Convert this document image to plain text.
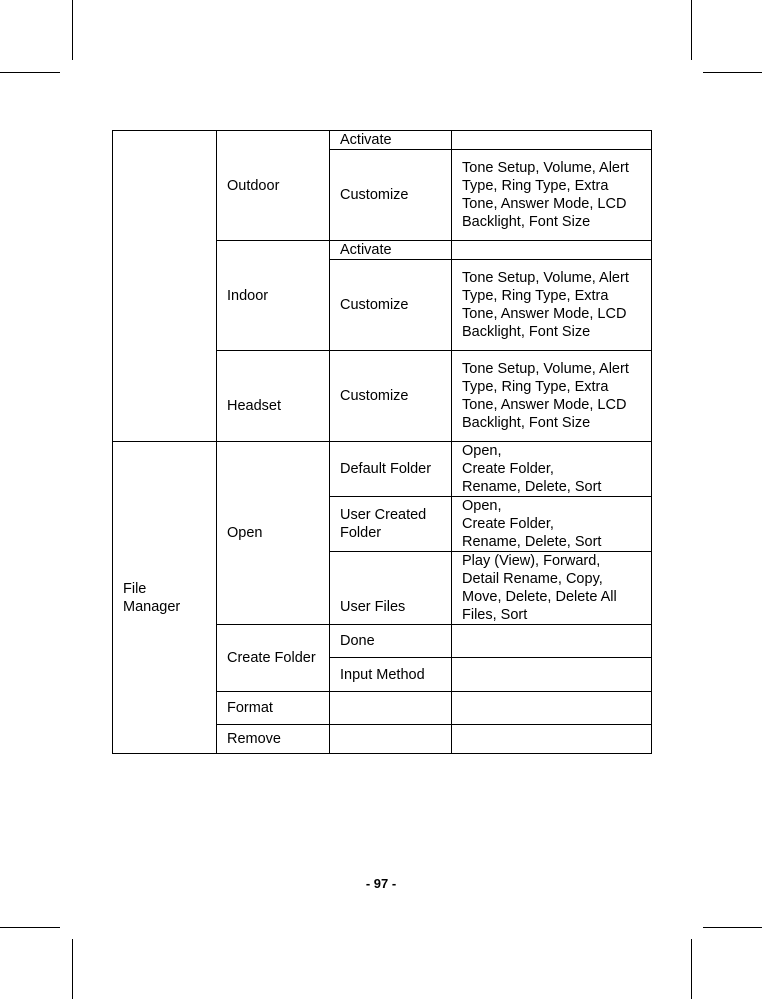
	Outdoor	Activate	
		Customize	Tone Setup, Volume, Alert Type, Ring Type, Extra Tone, Answer Mode, LCD Backlight, Font Size
	Indoor	Activate	
		Customize	Tone Setup, Volume, Alert Type, Ring Type, Extra Tone, Answer Mode, LCD Backlight, Font Size
	Headset	Customize	Tone Setup, Volume, Alert Type, Ring Type, Extra Tone, Answer Mode, LCD Backlight, Font Size
File Manager	Open	Default Folder	Open,
Create Folder,
Rename, Delete, Sort

		User Created Folder	Open,
Create Folder,
Rename, Delete, Sort

		User Files	Play (View), Forward, Detail Rename, Copy, Move, Delete, Delete All Files, Sort
	Create Folder	Done	
		Input Method	
	Format		
	Remove		
- 97 -
